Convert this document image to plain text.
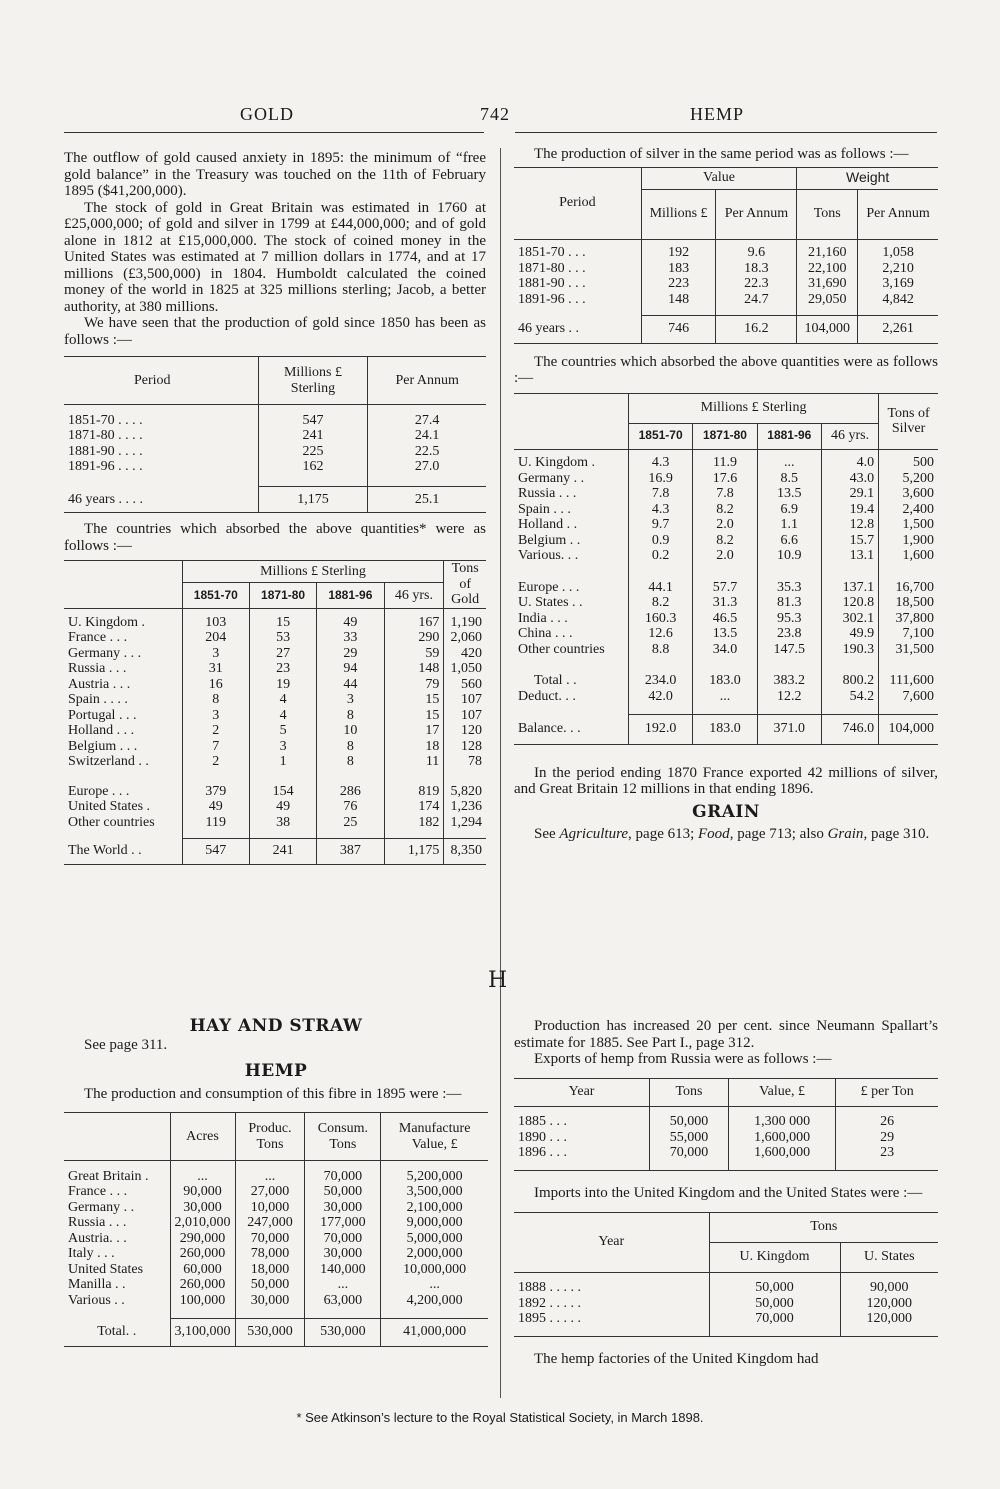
GOLD	742	HEMP

The outflow of gold caused anxiety in 1895: the minimum of “free gold balance” in the Treasury was touched on the 11th of February 1895 ($41,200,000).

The stock of gold in Great Britain was estimated in 1760 at £25,000,000; of gold and silver in 1799 at £44,000,000; and of gold alone in 1812 at £15,000,000. The stock of coined money in the United States was estimated at 7 million dollars in 1774, and at 17 millions (£3,500,000) in 1804. Humboldt calculated the coined money of the world in 1825 at 325 millions sterling; Jacob, a better authority, at 380 millions.

We have seen that the production of gold since 1850 has been as follows :—

Period	Millions £ Sterling	Per Annum

1851-70 . . . .	547	27.4
1871-80 . . . .	241	24.1
1881-90 . . . .	225	22.5
1891-96 . . . .	162	27.0

46 years . . . .	1,175	25.1

The countries which absorbed the above quantities* were as follows :—

	Millions £ Sterling				Tons of Gold
	1851-70	1871-80	1881-96	46 yrs.	

U. Kingdom .	103	15	49	167	1,190
France . . .	204	53	33	290	2,060
Germany . . .	3	27	29	59	420
Russia . . .	31	23	94	148	1,050
Austria . . .	16	19	44	79	560
Spain . . . .	8	4	3	15	107
Portugal . . .	3	4	8	15	107
Holland . . .	2	5	10	17	120
Belgium . . .	7	3	8	18	128
Switzerland . .	2	1	8	11	78

Europe . . .	379	154	286	819	5,820
United States .	49	49	76	174	1,236
Other countries	119	38	25	182	1,294

The World . .	547	241	387	1,175	8,350

The production of silver in the same period was as follows :—

Period	Value		Weight	
	Millions £	Per Annum	Tons	Per Annum

1851-70 . . .	192	9.6	21,160	1,058
1871-80 . . .	183	18.3	22,100	2,210
1881-90 . . .	223	22.3	31,690	3,169
1891-96 . . .	148	24.7	29,050	4,842

46 years . .	746	16.2	104,000	2,261

The countries which absorbed the above quantities were as follows :—

	Millions £ Sterling				Tons of Silver
	1851-70	1871-80	1881-96	46 yrs.	

U. Kingdom .	4.3	11.9	...	4.0	500
Germany . .	16.9	17.6	8.5	43.0	5,200
Russia . . .	7.8	7.8	13.5	29.1	3,600
Spain . . .	4.3	8.2	6.9	19.4	2,400
Holland . .	9.7	2.0	1.1	12.8	1,500
Belgium . .	0.9	8.2	6.6	15.7	1,900
Various. . .	0.2	2.0	10.9	13.1	1,600

Europe . . .	44.1	57.7	35.3	137.1	16,700
U. States . .	8.2	31.3	81.3	120.8	18,500
India . . .	160.3	46.5	95.3	302.1	37,800
China . . .	12.6	13.5	23.8	49.9	7,100
Other countries	8.8	34.0	147.5	190.3	31,500

Total . .	234.0	183.0	383.2	800.2	111,600
Deduct. . .	42.0	...	12.2	54.2	7,600

Balance. . .	192.0	183.0	371.0	746.0	104,000

In the period ending 1870 France exported 42 millions of silver, and Great Britain 12 millions in that ending 1896.

GRAIN

See Agriculture, page 613; Food, page 713; also Grain, page 310.

H
HAY AND STRAW

See page 311.

HEMP

The production and consumption of this fibre in 1895 were :—

	Acres	Produc. Tons	Consum. Tons	Manufacture Value, £

Great Britain .	...	...	70,000	5,200,000
France . . .	90,000	27,000	50,000	3,500,000
Germany . .	30,000	10,000	30,000	2,100,000
Russia . . .	2,010,000	247,000	177,000	9,000,000
Austria. . .	290,000	70,000	70,000	5,000,000
Italy . . .	260,000	78,000	30,000	2,000,000
United States	60,000	18,000	140,000	10,000,000
Manilla . .	260,000	50,000	...	...
Various . .	100,000	30,000	63,000	4,200,000

Total. .	3,100,000	530,000	530,000	41,000,000

Production has increased 20 per cent. since Neumann Spallart’s estimate for 1885. See Part I., page 312.

Exports of hemp from Russia were as follows :—

Year	Tons	Value, £	£ per Ton

1885 . . .	50,000	1,300 000	26
1890 . . .	55,000	1,600,000	29
1896 . . .	70,000	1,600,000	23

Imports into the United Kingdom and the United States were :—

Year	Tons	
	U. Kingdom	U. States

1888 . . . . .	50,000	90,000
1892 . . . . .	50,000	120,000
1895 . . . . .	70,000	120,000

The hemp factories of the United Kingdom had

* See Atkinson’s lecture to the Royal Statistical Society, in March 1898.
